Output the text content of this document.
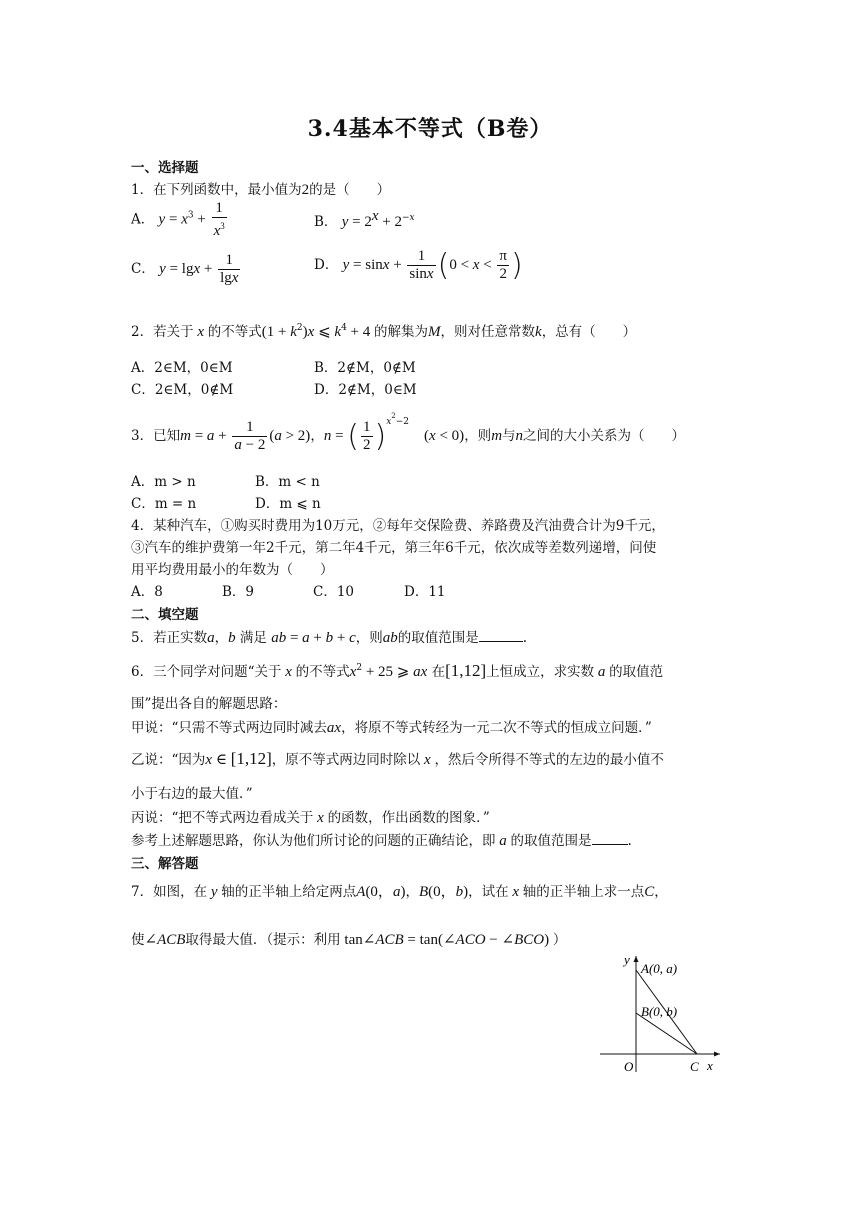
3.4基本不等式（B卷）
一、选择题
1．在下列函数中，最小值为2的是（　　）
A． $y = x^3 + \frac{1}{x^3}$	B． $y = 2^x + 2^{-x}$
C． $y = \lg x + \frac{1}{\lg x}$	D． $y = \sin x + \frac{1}{\sin x} (0 < x < \frac{\pi}{2}$ )
2．若关于 x 的不等式$(1 + k^2)x$ ⩽ $k^4 + 4$ 的解集为M，则对任意常数k，总有（　　）
A．2∈M，0∈M	B．2∉M，0∉M
C．2∈M，0∉M	D．2∉M，0∈M
3．已知$m = a + \frac{1}{a - 2} (a > 2)$，n = ( $\frac{1}{2} )^{x^2-2}$　(x < 0)，则m与n之间的大小关系为（　　）
A．m > n	B．m < n
C．m = n	D．m ⩽ n
4．某种汽车，①购买时费用为10万元，②每年交保险费、养路费及汽油费合计为9千元，
③汽车的维护费第一年2千元，第二年4千元，第三年6千元，依次成等差数列递增，问使
用平均费用最小的年数为（　　）
A．8	B．9	C．10	D．11
二、填空题
5．若正实数a，b 满足 ab = a + b + c，则ab的取值范围是	.
6．三个同学对问题“关于 x 的不等式$x^2 + 25$ ⩾ ax 在[1,12]上恒成立，求实数 a 的取值范
围”提出各自的解题思路：
甲说：“只需不等式两边同时减去ax，将原不等式转经为一元二次不等式的恒成立问题．”
乙说：“因为x ∈ [1,12]，原不等式两边同时除以 x ，然后令所得不等式的左边的最小值不
小于右边的最大值．”
丙说：“把不等式两边看成关于 x 的函数，作出函数的图象．”
参考上述解题思路，你认为他们所讨论的问题的正确结论，即 a 的取值范围是	.
三、解答题
7．如图，在 y 轴的正半轴上给定两点A(0，a)，B(0，b)，试在 x 轴的正半轴上求一点C，
使∠ACB取得最大值．（提示：利用 tan∠ACB = tan(∠ACO − ∠BCO) ）
y
x
O
A(0, a)
B(0, b)
C
